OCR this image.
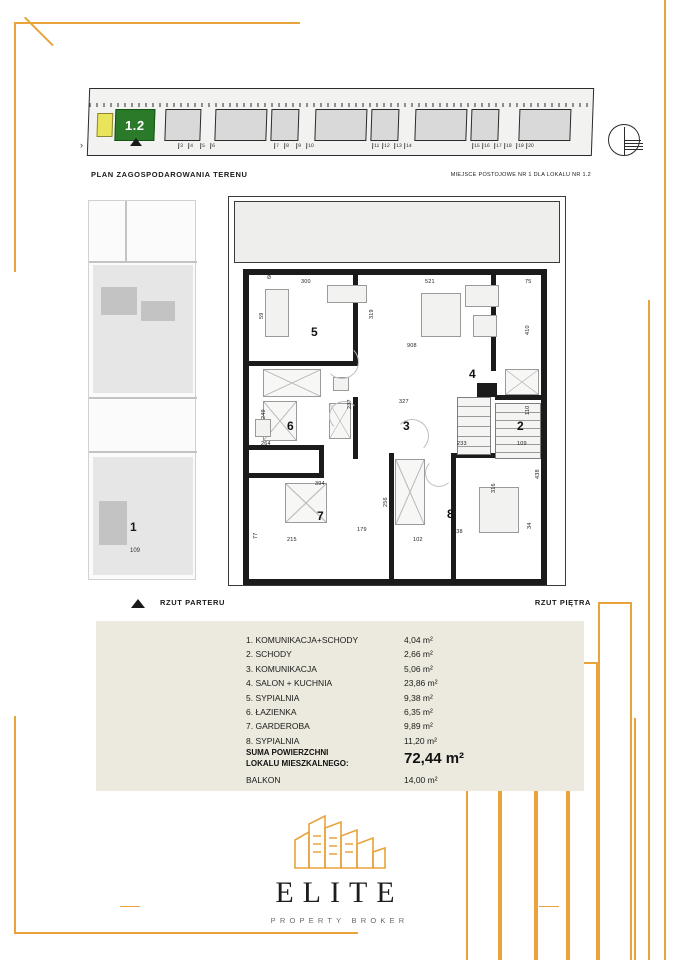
1.2
3	4	5	6	7	8	9	10	11 12	13 14	15 16	17 18	19 20
›
PLAN ZAGOSPODAROWANIA TERENU	MIEJSCE POSTOJOWE NR 1 DLA LOKALU NR 1.2
1
109
5
4
6	3	2
7	8
300	521	75
319
908
410
327
249
264	233
110
109
438
394
179
256
316
238
215	102
34
77
60
59
237
RZUT PARTERU	RZUT PIĘTRA
1. KOMUNIKACJA+SCHODY	4,04 m²
2. SCHODY	2,66 m²
3. KOMUNIKACJA	5,06 m²
4. SALON + KUCHNIA	23,86 m²
5. SYPIALNIA	9,38 m²
6. ŁAZIENKA	6,35 m²
7. GARDEROBA	9,89 m²
8. SYPIALNIA	11,20 m²
SUMA POWIERZCHNI
LOKALU MIESZKALNEGO:	72,44 m²
BALKON	14,00 m²
ELITE
PROPERTY BROKER
